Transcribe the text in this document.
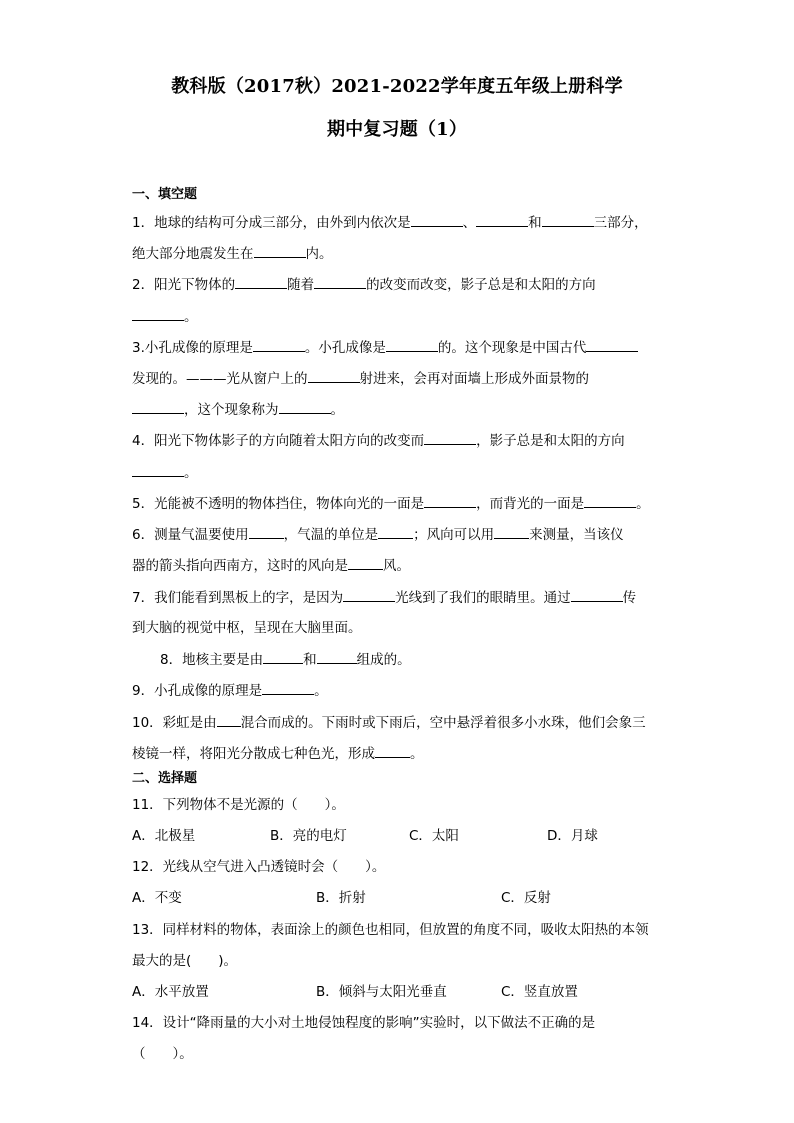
教科版（2017秋）2021-2022学年度五年级上册科学
期中复习题（1）
一、填空题
1．地球的结构可分成三部分，由外到内依次是	、	和	三部分，
绝大部分地震发生在	内。
2．阳光下物体的	随着	的改变而改变，影子总是和太阳的方向
。
3.小孔成像的原理是	。小孔成像是	的。这个现象是中国古代
发现的。———光从窗户上的	射进来，会再对面墙上形成外面景物的
，这个现象称为	。
4．阳光下物体影子的方向随着太阳方向的改变而	，影子总是和太阳的方向
。
5．光能被不透明的物体挡住，物体向光的一面是	，而背光的一面是	。
6．测量气温要使用	，气温的单位是	；风向可以用	来测量，当该仪
器的箭头指向西南方，这时的风向是	风。
7．我们能看到黑板上的字，是因为	光线到了我们的眼睛里。通过	传
到大脑的视觉中枢，呈现在大脑里面。
8．地核主要是由	和	组成的。
9．小孔成像的原理是	。
10．彩虹是由 混合而成的。下雨时或下雨后，空中悬浮着很多小水珠，他们会象三
棱镜一样，将阳光分散成七种色光，形成	。
二、选择题
11．下列物体不是光源的（　　）。
A．北极星	B．亮的电灯	C．太阳	D．月球
12．光线从空气进入凸透镜时会（　　）。
A．不变	B．折射	C．反射
13．同样材料的物体，表面涂上的颜色也相同，但放置的角度不同，吸收太阳热的本领
最大的是(　　)。
A．水平放置	B．倾斜与太阳光垂直	C．竖直放置
14．设计“降雨量的大小对土地侵蚀程度的影响”实验时，以下做法不正确的是
（　　）。
